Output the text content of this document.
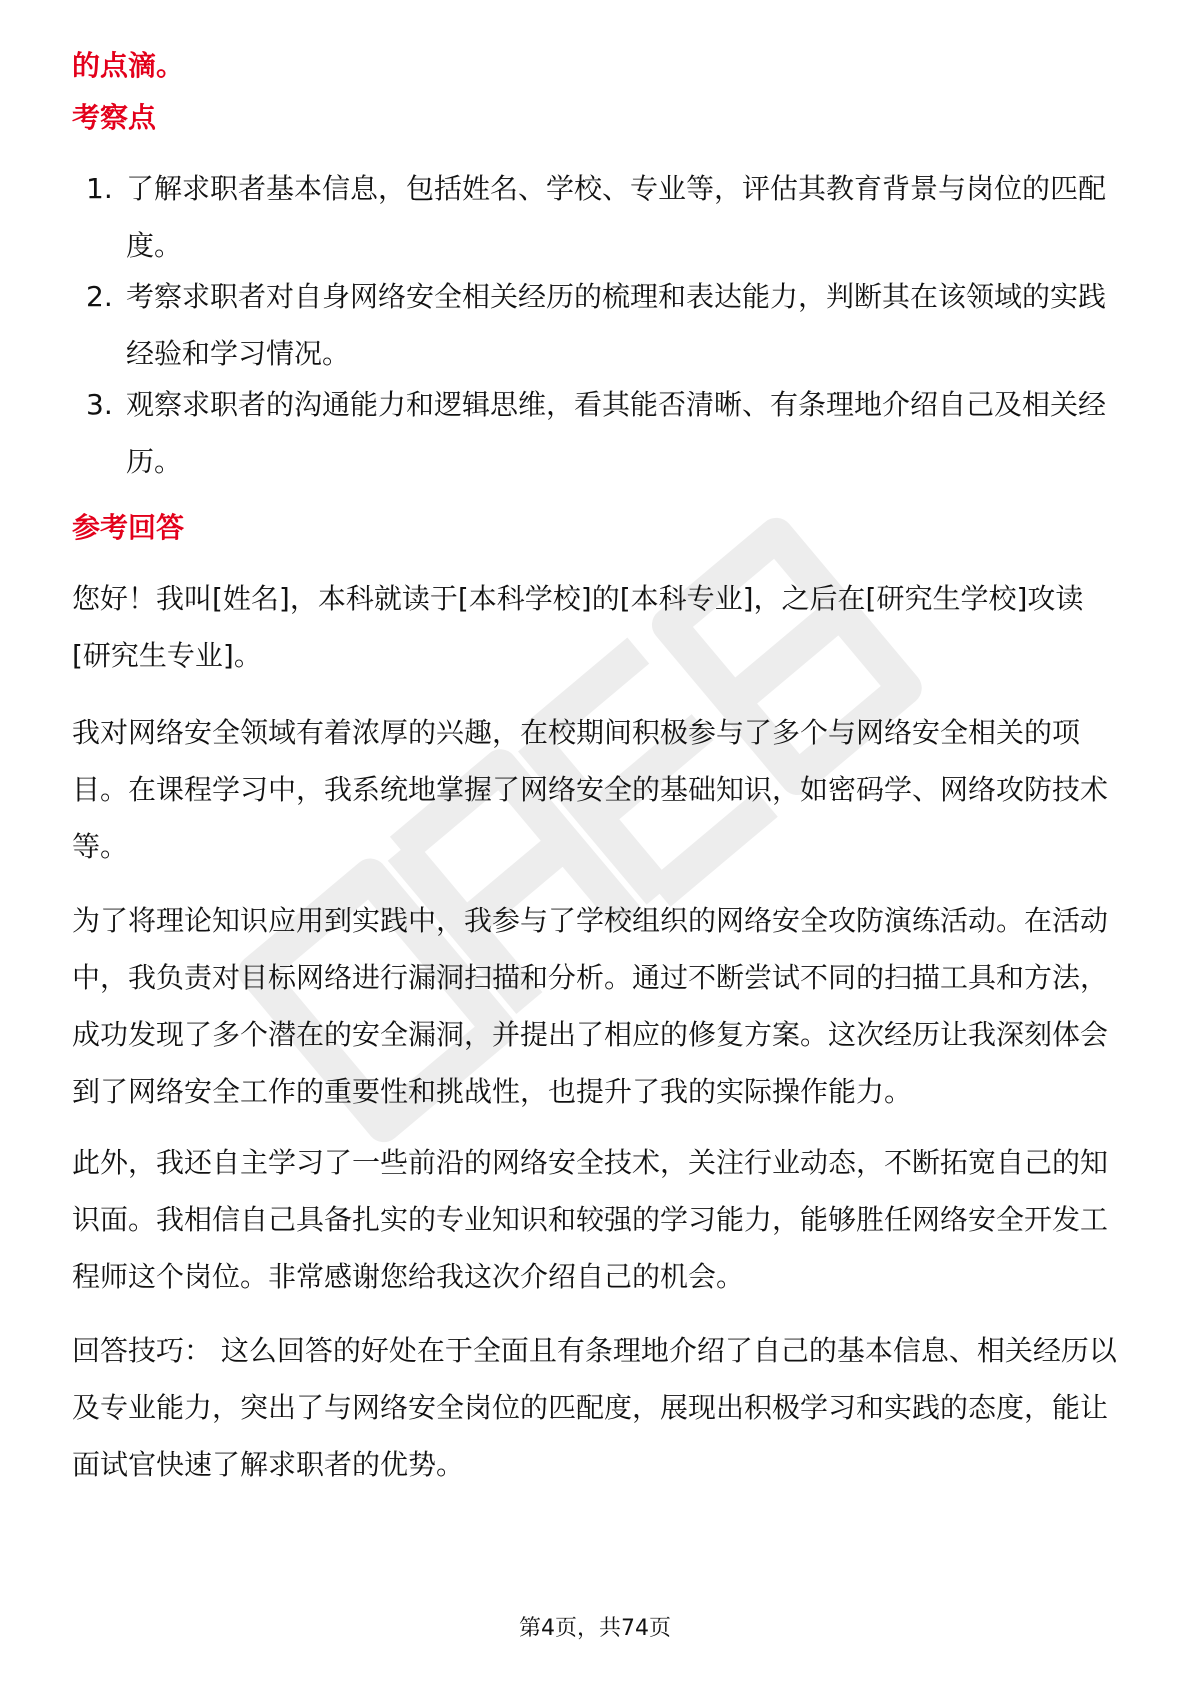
的点滴。
考察点
1. 了解求职者基本信息，包括姓名、学校、专业等，评估其教育背景与岗位的匹配度。
2. 考察求职者对自身网络安全相关经历的梳理和表达能力，判断其在该领域的实践经验和学习情况。
3. 观察求职者的沟通能力和逻辑思维，看其能否清晰、有条理地介绍自己及相关经历。
参考回答
您好！我叫[姓名]，本科就读于[本科学校]的[本科专业]，之后在[研究生学校]攻读[研究生专业]。
我对网络安全领域有着浓厚的兴趣，在校期间积极参与了多个与网络安全相关的项目。在课程学习中，我系统地掌握了网络安全的基础知识，如密码学、网络攻防技术等。
为了将理论知识应用到实践中，我参与了学校组织的网络安全攻防演练活动。在活动中，我负责对目标网络进行漏洞扫描和分析。通过不断尝试不同的扫描工具和方法，成功发现了多个潜在的安全漏洞，并提出了相应的修复方案。这次经历让我深刻体会到了网络安全工作的重要性和挑战性，也提升了我的实际操作能力。
此外，我还自主学习了一些前沿的网络安全技术，关注行业动态，不断拓宽自己的知识面。我相信自己具备扎实的专业知识和较强的学习能力，能够胜任网络安全开发工程师这个岗位。非常感谢您给我这次介绍自己的机会。
回答技巧： 这么回答的好处在于全面且有条理地介绍了自己的基本信息、相关经历以及专业能力，突出了与网络安全岗位的匹配度，展现出积极学习和实践的态度，能让面试官快速了解求职者的优势。
第4页，共74页
